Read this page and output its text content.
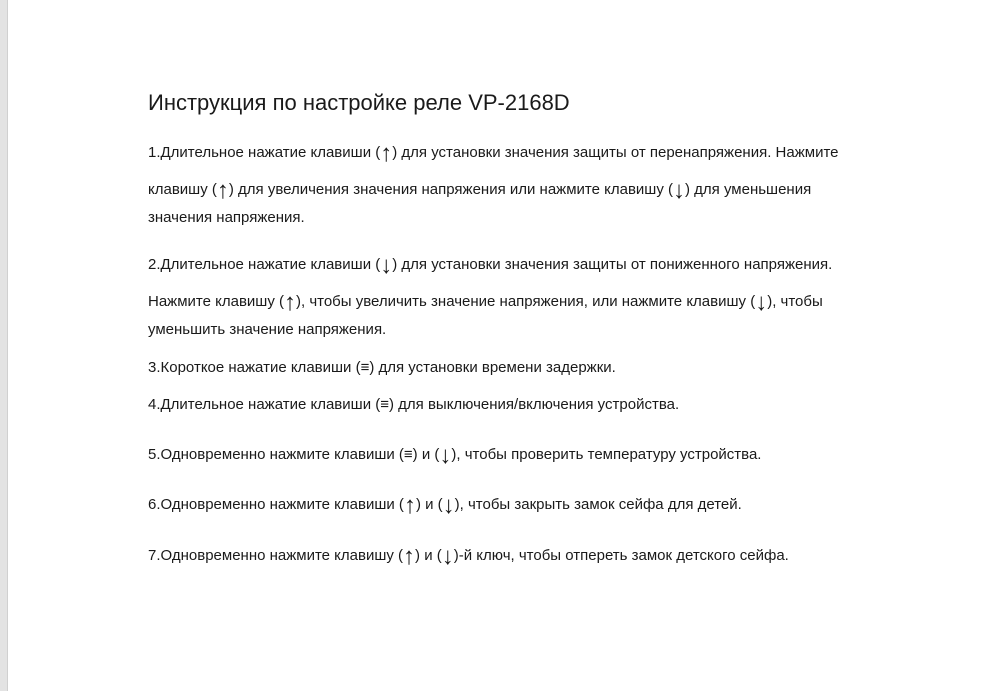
Инструкция по настройке реле VP-2168D
1.Длительное нажатие клавиши (↑) для установки значения защиты от перенапряжения. Нажмите
клавишу (↑) для увеличения значения напряжения или нажмите клавишу (↓) для уменьшения
значения напряжения.
2.Длительное нажатие клавиши (↓) для установки значения защиты от пониженного напряжения.
Нажмите клавишу (↑), чтобы увеличить значение напряжения, или нажмите клавишу (↓), чтобы
уменьшить значение напряжения.
3.Короткое нажатие клавиши (≡) для установки времени задержки.
4.Длительное нажатие клавиши (≡) для выключения/включения устройства.
5.Одновременно нажмите клавиши (≡) и (↓), чтобы проверить температуру устройства.
6.Одновременно нажмите клавиши (↑) и (↓), чтобы закрыть замок сейфа для детей.
7.Одновременно нажмите клавишу (↑) и (↓)-й ключ, чтобы отпереть замок детского сейфа.
